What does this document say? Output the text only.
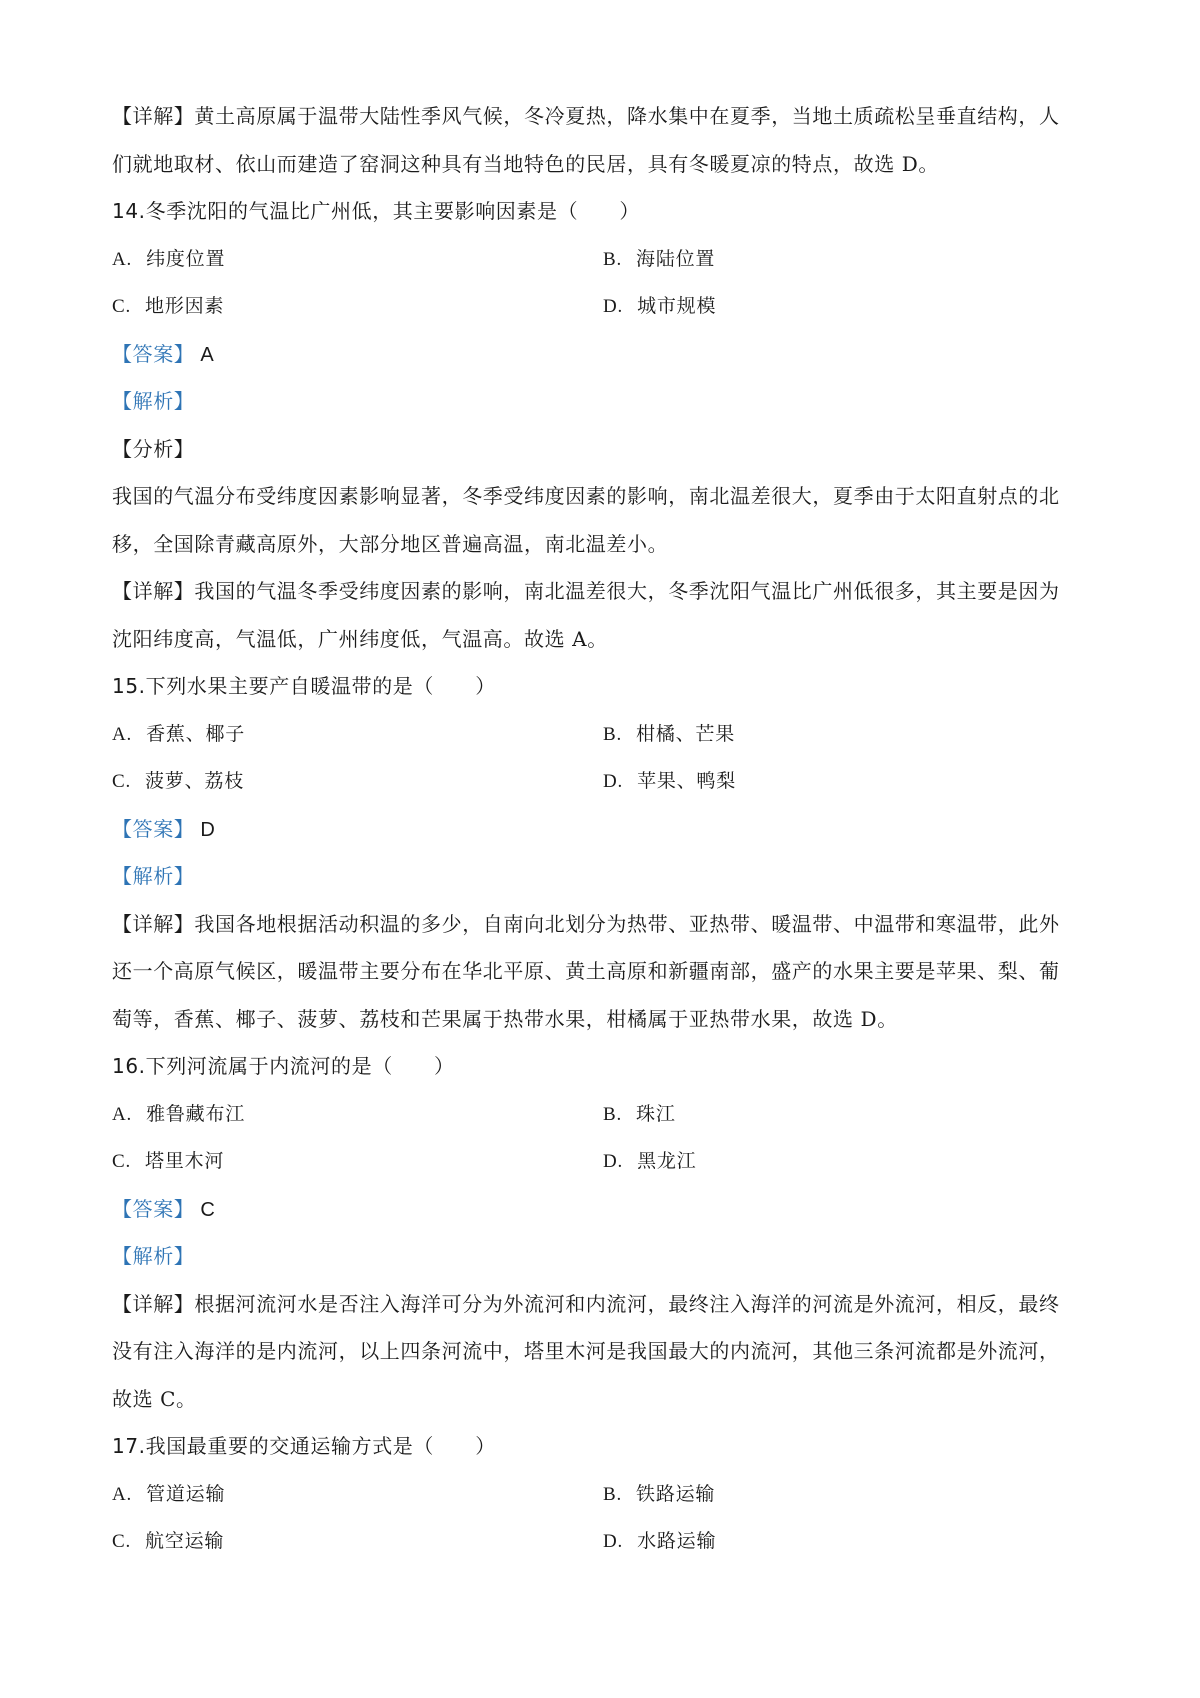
【详解】黄土高原属于温带大陆性季风气候，冬冷夏热，降水集中在夏季，当地土质疏松呈垂直结构，人
们就地取材、依山而建造了窑洞这种具有当地特色的民居，具有冬暖夏凉的特点，故选 D。
14.冬季沈阳的气温比广州低，其主要影响因素是（　　）
A. 纬度位置	B. 海陆位置
C. 地形因素	D. 城市规模
【答案】 A
【解析】
【分析】
我国的气温分布受纬度因素影响显著，冬季受纬度因素的影响，南北温差很大，夏季由于太阳直射点的北
移，全国除青藏高原外，大部分地区普遍高温，南北温差小。
【详解】我国的气温冬季受纬度因素的影响，南北温差很大，冬季沈阳气温比广州低很多，其主要是因为
沈阳纬度高，气温低，广州纬度低，气温高。故选 A。
15.下列水果主要产自暖温带的是（　　）
A. 香蕉、椰子	B. 柑橘、芒果
C. 菠萝、荔枝	D. 苹果、鸭梨
【答案】 D
【解析】
【详解】我国各地根据活动积温的多少，自南向北划分为热带、亚热带、暖温带、中温带和寒温带，此外
还一个高原气候区，暖温带主要分布在华北平原、黄土高原和新疆南部，盛产的水果主要是苹果、梨、葡
萄等，香蕉、椰子、菠萝、荔枝和芒果属于热带水果，柑橘属于亚热带水果，故选 D。
16.下列河流属于内流河的是（　　）
A. 雅鲁藏布江	B. 珠江
C. 塔里木河	D. 黑龙江
【答案】 C
【解析】
【详解】根据河流河水是否注入海洋可分为外流河和内流河，最终注入海洋的河流是外流河，相反，最终
没有注入海洋的是内流河，以上四条河流中，塔里木河是我国最大的内流河，其他三条河流都是外流河，
故选 C。
17.我国最重要的交通运输方式是（　　）
A. 管道运输	B. 铁路运输
C. 航空运输	D. 水路运输
